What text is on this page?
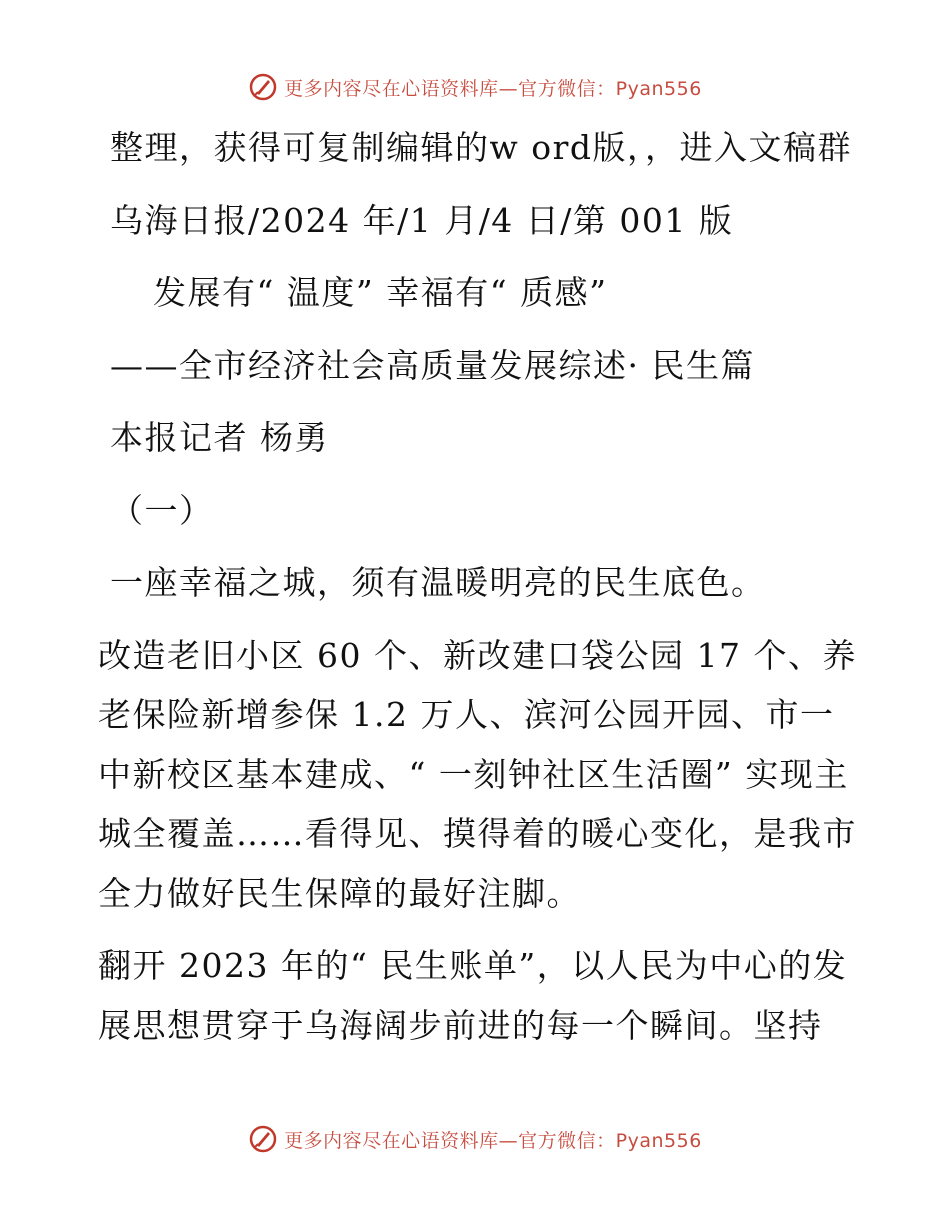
更多内容尽在心语资料库—官方微信：Pyan556
整理，获得可复制编辑的w ord版，，进入文稿群
乌海日报/2024 年/1 月/4 日/第 001 版
发展有“ 温度” 幸福有“ 质感”
——全市经济社会高质量发展综述· 民生篇
本报记者 杨勇
（一）
一座幸福之城，须有温暖明亮的民生底色。
改造老旧小区 60 个、新改建口袋公园 17 个、养老保险新增参保 1.2 万人、滨河公园开园、市一中新校区基本建成、“ 一刻钟社区生活圈” 实现主城全覆盖……看得见、摸得着的暖心变化，是我市全力做好民生保障的最好注脚。
翻开 2023 年的“ 民生账单”，以人民为中心的发展思想贯穿于乌海阔步前进的每一个瞬间。坚持
更多内容尽在心语资料库—官方微信：Pyan556
